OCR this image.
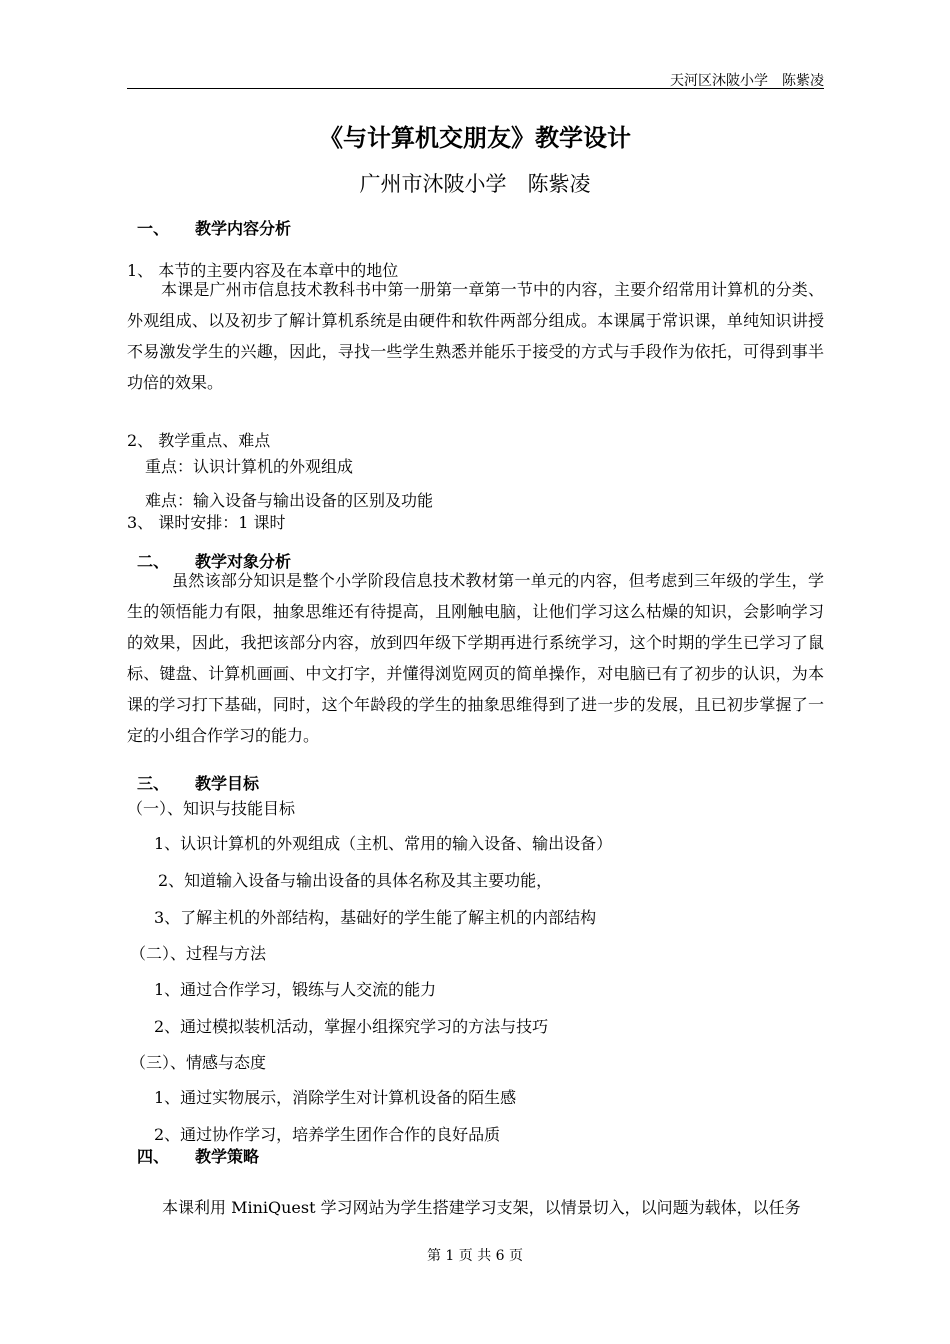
天河区沐陂小学　陈紫凌
《与计算机交朋友》教学设计
广州市沐陂小学　陈紫凌
一、 教学内容分析
1、 本节的主要内容及在本章中的地位

本课是广州市信息技术教科书中第一册第一章第一节中的内容，主要介绍常用计算机的分类、外观组成、以及初步了解计算机系统是由硬件和软件两部分组成。本课属于常识课，单纯知识讲授不易激发学生的兴趣，因此，寻找一些学生熟悉并能乐于接受的方式与手段作为依托，可得到事半功倍的效果。

2、 教学重点、难点
重点：认识计算机的外观组成
难点：输入设备与输出设备的区别及功能
3、 课时安排：1 课时
二、 教学对象分析

虽然该部分知识是整个小学阶段信息技术教材第一单元的内容，但考虑到三年级的学生，学生的领悟能力有限，抽象思维还有待提高，且刚触电脑，让他们学习这么枯燥的知识，会影响学习的效果，因此，我把该部分内容，放到四年级下学期再进行系统学习，这个时期的学生已学习了鼠标、键盘、计算机画画、中文打字，并懂得浏览网页的简单操作，对电脑已有了初步的认识，为本课的学习打下基础，同时，这个年龄段的学生的抽象思维得到了进一步的发展，且已初步掌握了一定的小组合作学习的能力。

三、 教学目标
（一）、知识与技能目标
1、认识计算机的外观组成（主机、常用的输入设备、输出设备）
2、知道输入设备与输出设备的具体名称及其主要功能，
3、了解主机的外部结构，基础好的学生能了解主机的内部结构
（二）、过程与方法
1、通过合作学习，锻练与人交流的能力
2、通过模拟装机活动，掌握小组探究学习的方法与技巧
（三）、情感与态度
1、通过实物展示，消除学生对计算机设备的陌生感
2、通过协作学习，培养学生团作合作的良好品质
四、 教学策略
本课利用 MiniQuest 学习网站为学生搭建学习支架，以情景切入，以问题为载体，以任务
第 1 页 共 6 页
